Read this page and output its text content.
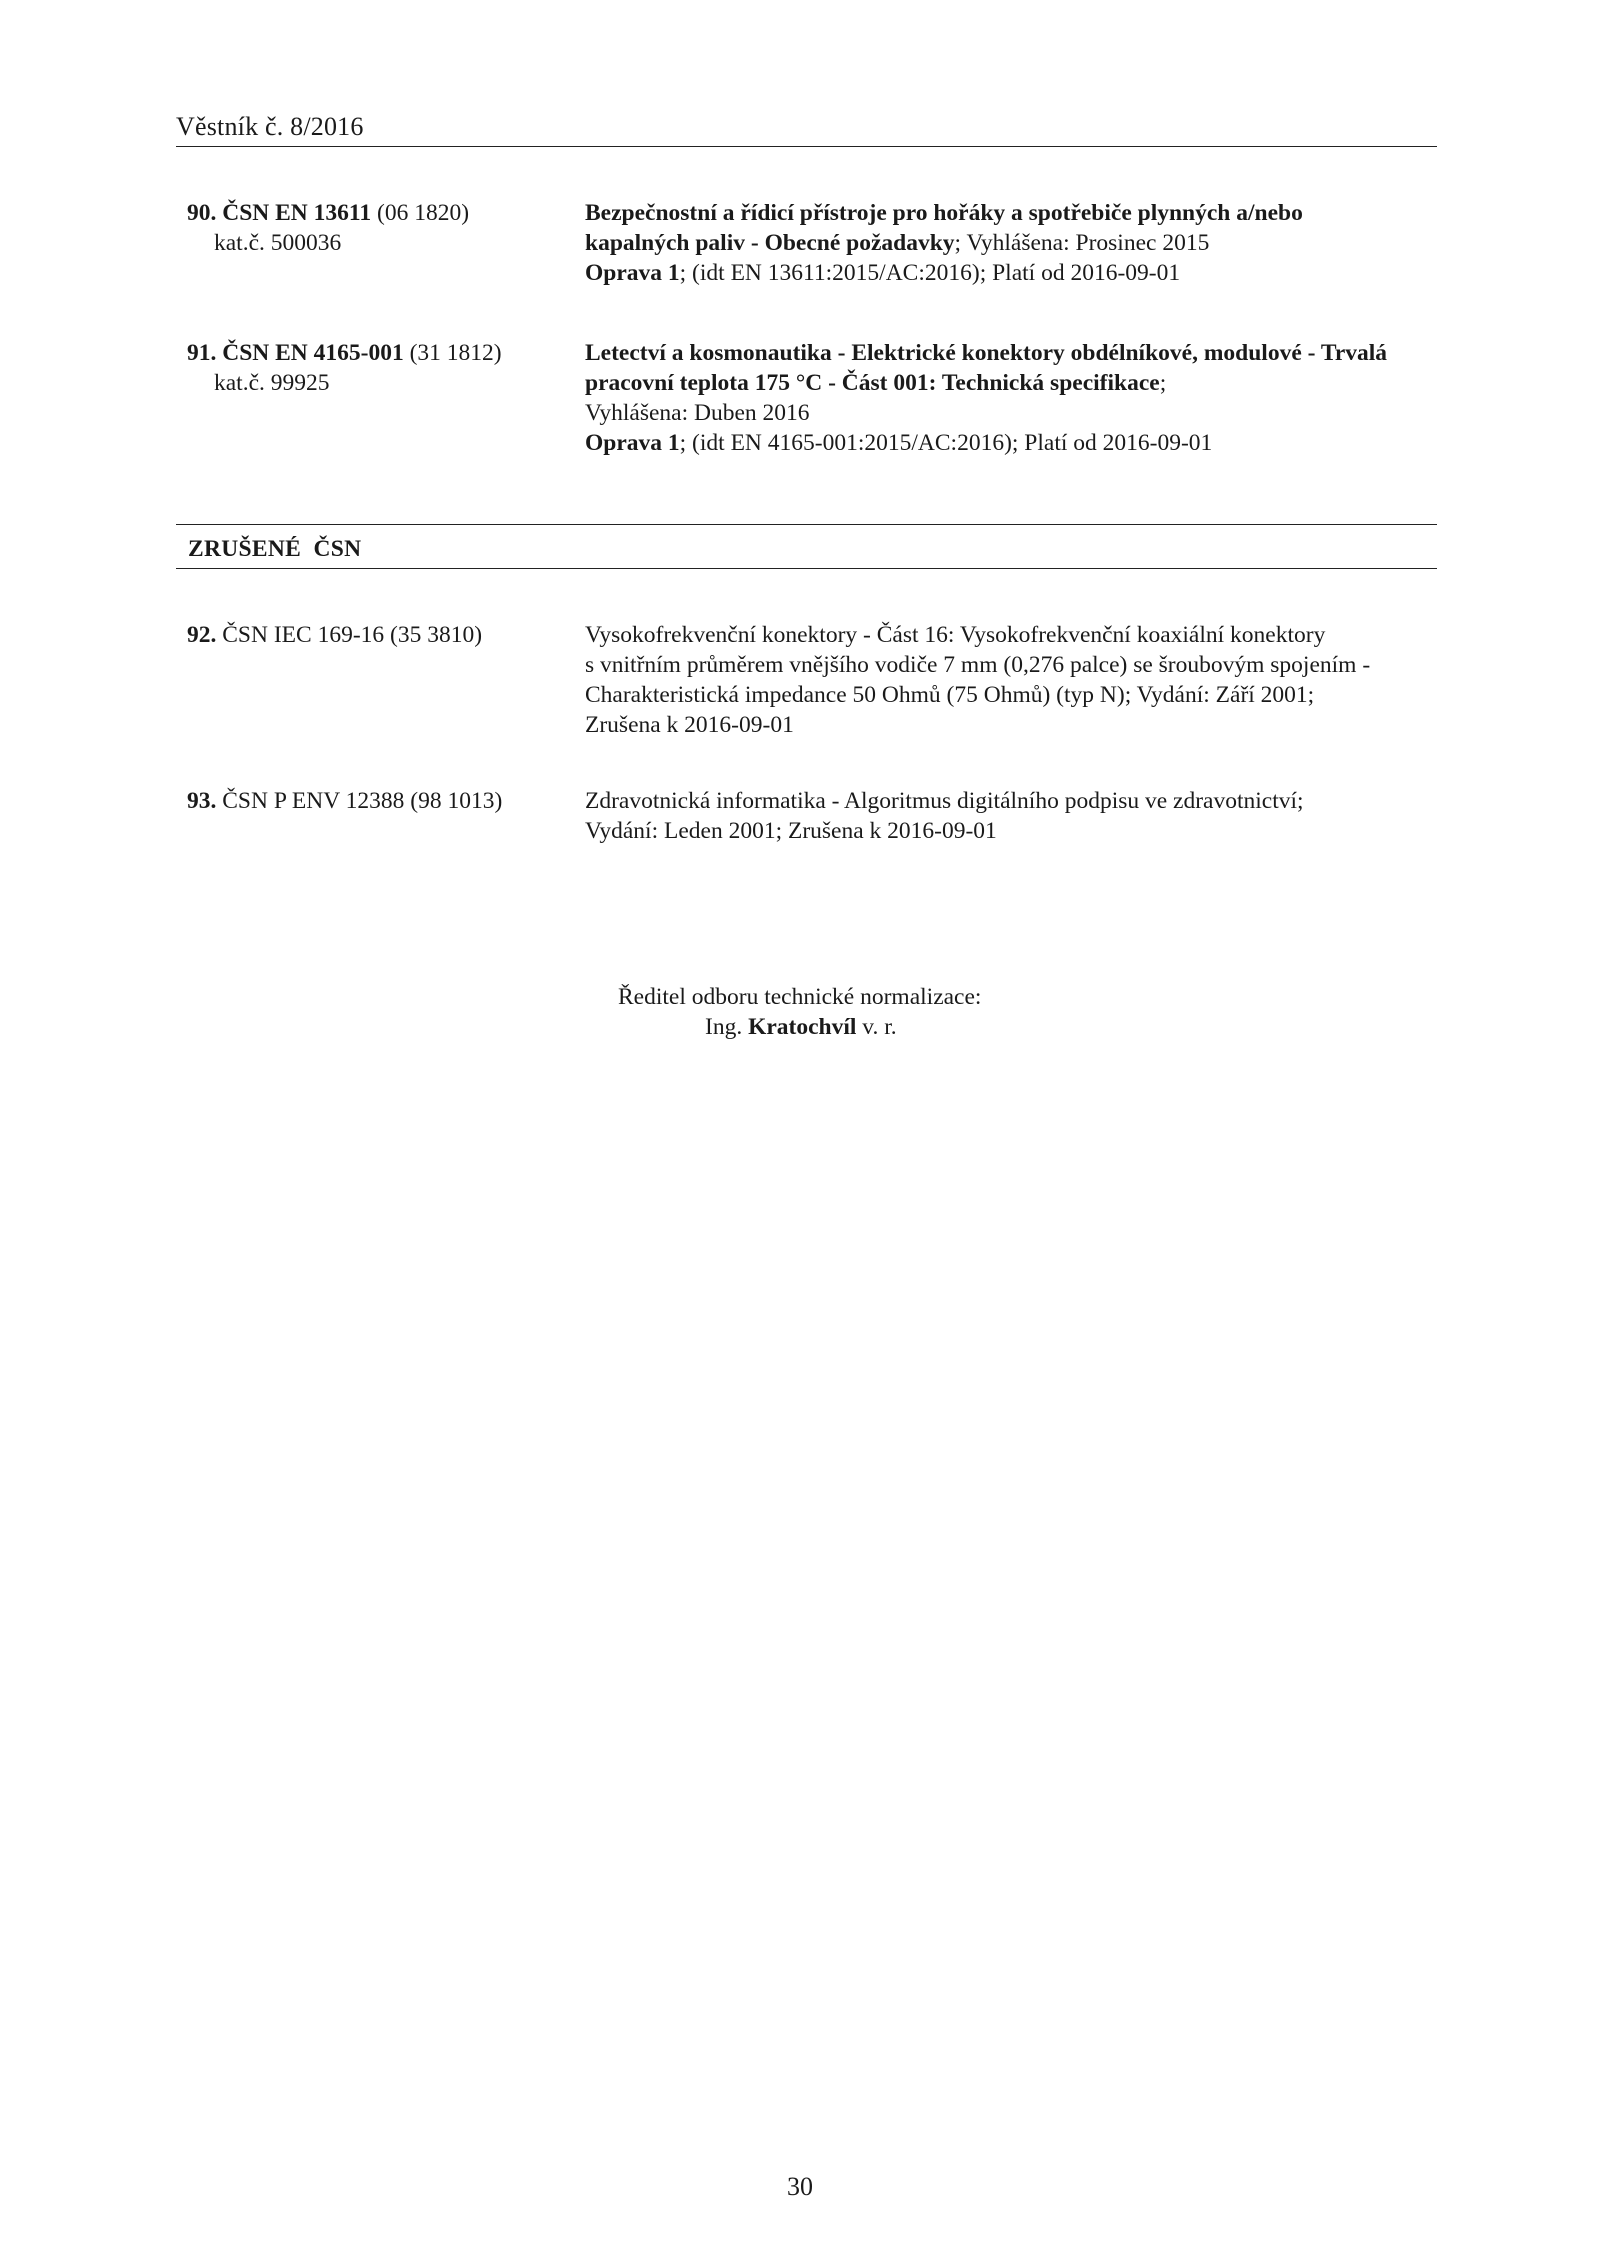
Věstník č. 8/2016
90. ČSN EN 13611 (06 1820)
kat.č. 500036
Bezpečnostní a řídicí přístroje pro hořáky a spotřebiče plynných a/nebo
kapalných paliv - Obecné požadavky; Vyhlášena: Prosinec 2015
Oprava 1; (idt EN 13611:2015/AC:2016); Platí od 2016-09-01
91. ČSN EN 4165-001 (31 1812)
kat.č. 99925
Letectví a kosmonautika - Elektrické konektory obdélníkové, modulové - Trvalá
pracovní teplota 175 °C - Část 001: Technická specifikace;
Vyhlášena: Duben 2016
Oprava 1; (idt EN 4165-001:2015/AC:2016); Platí od 2016-09-01
ZRUŠENÉ  ČSN
92. ČSN IEC 169-16 (35 3810)	Vysokofrekvenční konektory - Část 16: Vysokofrekvenční koaxiální konektory
s vnitřním průměrem vnějšího vodiče 7 mm (0,276 palce) se šroubovým spojením -
Charakteristická impedance 50 Ohmů (75 Ohmů) (typ N); Vydání: Září 2001;
Zrušena k 2016-09-01
93. ČSN P ENV 12388 (98 1013)	Zdravotnická informatika - Algoritmus digitálního podpisu ve zdravotnictví;
Vydání: Leden 2001; Zrušena k 2016-09-01
Ředitel odboru technické normalizace:
Ing. Kratochvíl v. r.
30
